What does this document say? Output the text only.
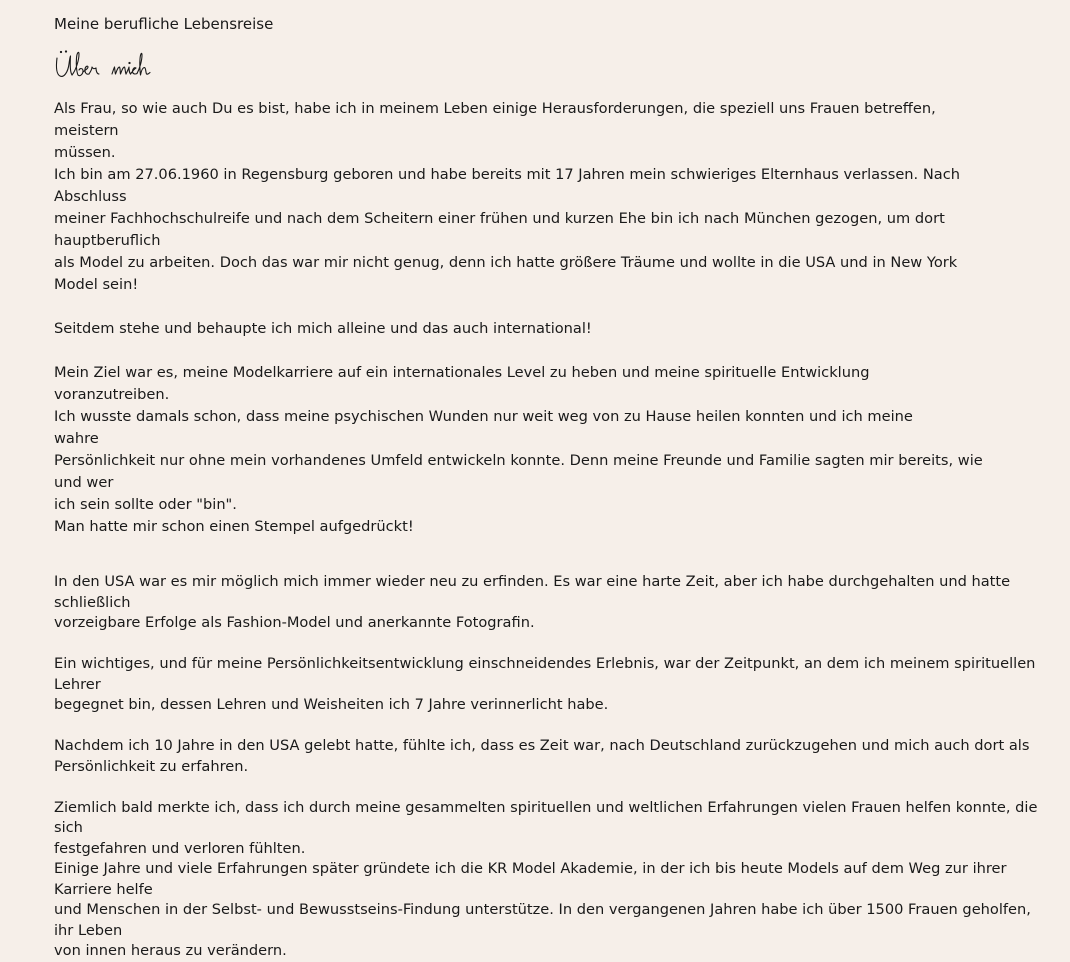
Meine berufliche Lebensreise

Als Frau, so wie auch Du es bist, habe ich in meinem Leben einige Herausforderungen, die speziell uns Frauen betreffen, meistern

müssen.

Ich bin am 27.06.1960 in Regensburg geboren und habe bereits mit 17 Jahren mein schwieriges Elternhaus verlassen. Nach Abschluss

meiner Fachhochschulreife und nach dem Scheitern einer frühen und kurzen Ehe bin ich nach München gezogen, um dort hauptberuflich

als Model zu arbeiten. Doch das war mir nicht genug, denn ich hatte größere Träume und wollte in die USA und in New York Model sein!

Seitdem stehe und behaupte ich mich alleine und das auch international!

Mein Ziel war es, meine Modelkarriere auf ein internationales Level zu heben und meine spirituelle Entwicklung voranzutreiben.

Ich wusste damals schon, dass meine psychischen Wunden nur weit weg von zu Hause heilen konnten und ich meine wahre

Persönlichkeit nur ohne mein vorhandenes Umfeld entwickeln konnte. Denn meine Freunde und Familie sagten mir bereits, wie und wer

ich sein sollte oder "bin".

Man hatte mir schon einen Stempel aufgedrückt!

In den USA war es mir möglich mich immer wieder neu zu erfinden. Es war eine harte Zeit, aber ich habe durchgehalten und hatte schließlich

vorzeigbare Erfolge als Fashion-Model und anerkannte Fotografin.

Ein wichtiges, und für meine Persönlichkeitsentwicklung einschneidendes Erlebnis, war der Zeitpunkt, an dem ich meinem spirituellen Lehrer

begegnet bin, dessen Lehren und Weisheiten ich 7 Jahre verinnerlicht habe.

Nachdem ich 10 Jahre in den USA gelebt hatte, fühlte ich, dass es Zeit war, nach Deutschland zurückzugehen und mich auch dort als

Persönlichkeit zu erfahren.

Ziemlich bald merkte ich, dass ich durch meine gesammelten spirituellen und weltlichen Erfahrungen vielen Frauen helfen konnte, die sich

festgefahren und verloren fühlten.

Einige Jahre und viele Erfahrungen später gründete ich die KR Model Akademie, in der ich bis heute Models auf dem Weg zur ihrer Karriere helfe

und Menschen in der Selbst- und Bewusstseins-Findung unterstütze. In den vergangenen Jahren habe ich über 1500 Frauen geholfen, ihr Leben

von innen heraus zu verändern.
